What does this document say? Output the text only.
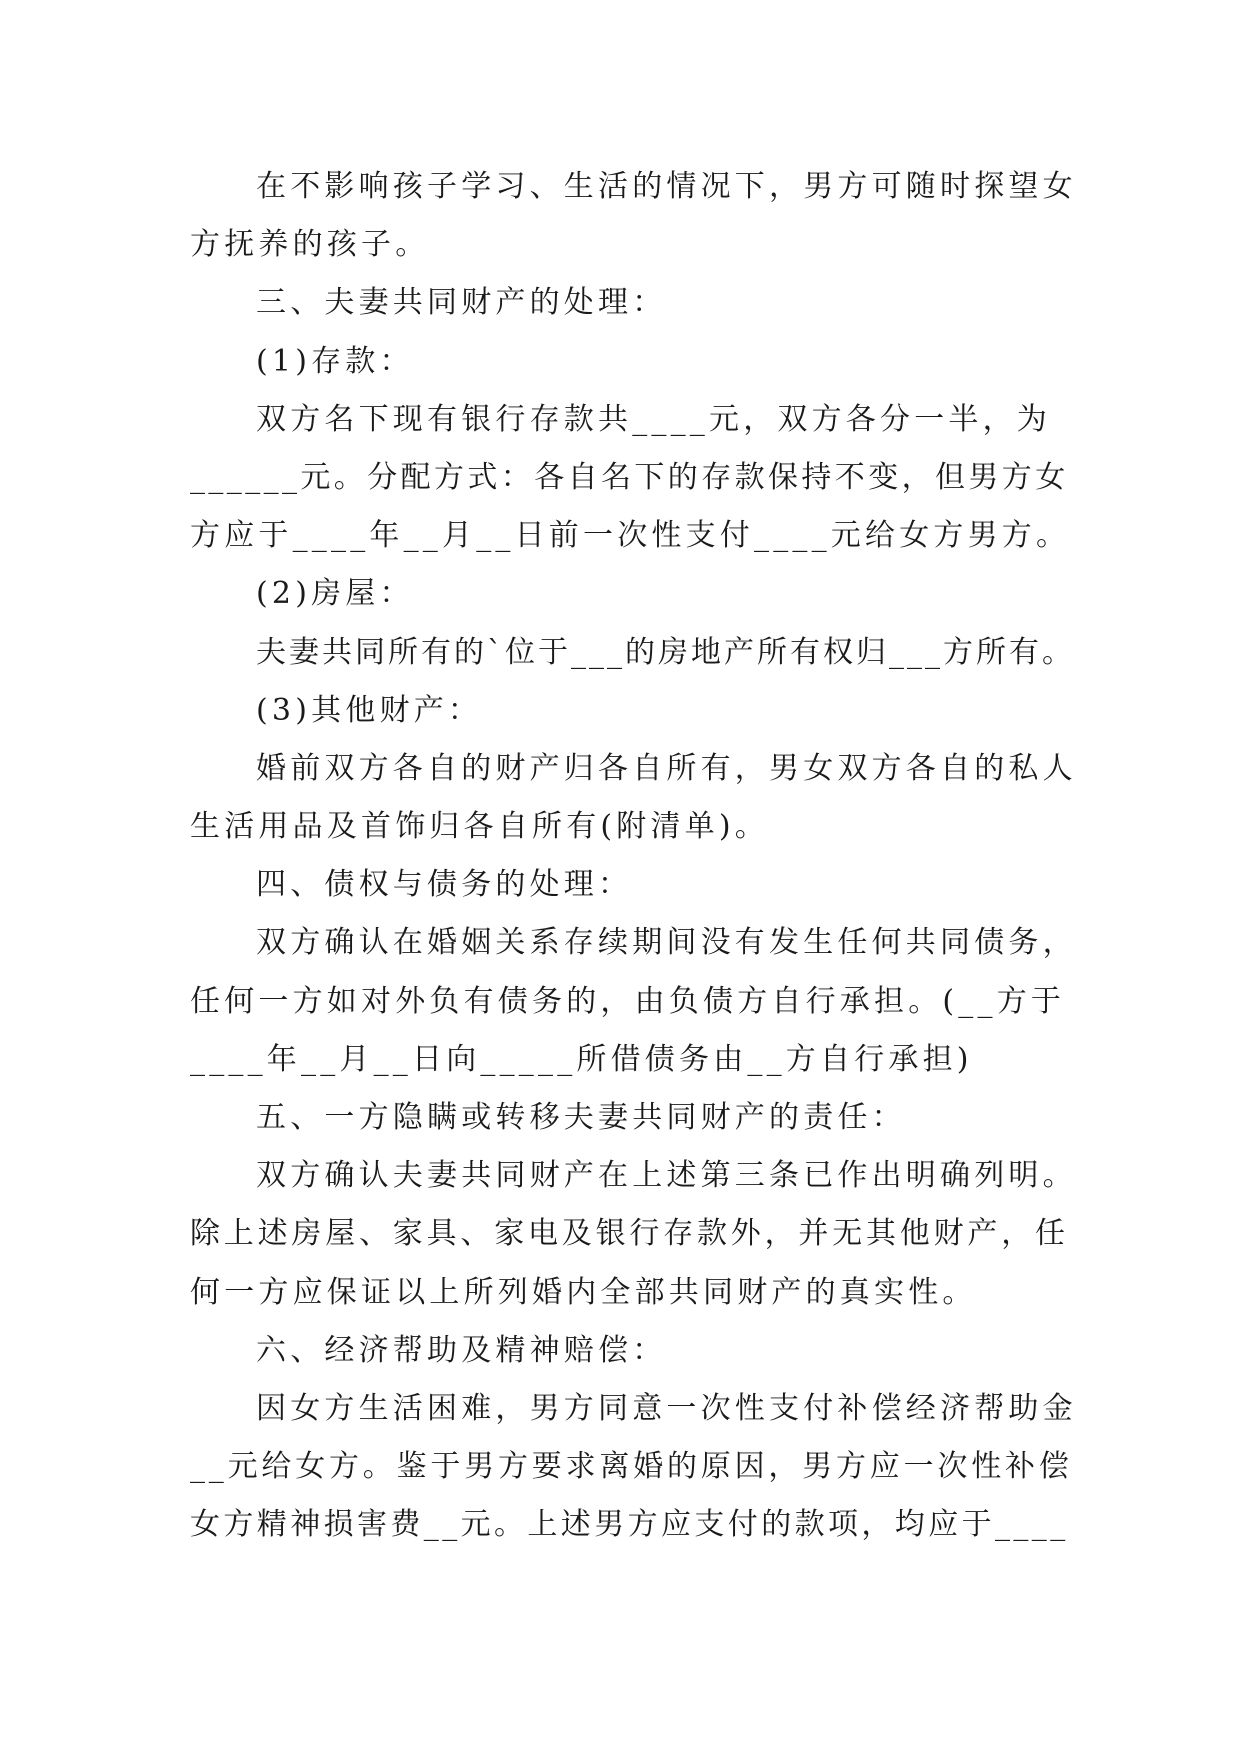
在不影响孩子学习、生活的情况下，男方可随时探望女
方抚养的孩子。
三、夫妻共同财产的处理：
(1)存款：
双方名下现有银行存款共____元，双方各分一半，为
______元。分配方式：各自名下的存款保持不变，但男方女
方应于____年__月__日前一次性支付____元给女方男方。
(2)房屋：
夫妻共同所有的`位于___的房地产所有权归___方所有。
(3)其他财产：
婚前双方各自的财产归各自所有，男女双方各自的私人
生活用品及首饰归各自所有(附清单)。
四、债权与债务的处理：
双方确认在婚姻关系存续期间没有发生任何共同债务，
任何一方如对外负有债务的，由负债方自行承担。(__方于
____年__月__日向_____所借债务由__方自行承担)
五、一方隐瞒或转移夫妻共同财产的责任：
双方确认夫妻共同财产在上述第三条已作出明确列明。
除上述房屋、家具、家电及银行存款外，并无其他财产，任
何一方应保证以上所列婚内全部共同财产的真实性。
六、经济帮助及精神赔偿：
因女方生活困难，男方同意一次性支付补偿经济帮助金
__元给女方。鉴于男方要求离婚的原因，男方应一次性补偿
女方精神损害费__元。上述男方应支付的款项，均应于____
